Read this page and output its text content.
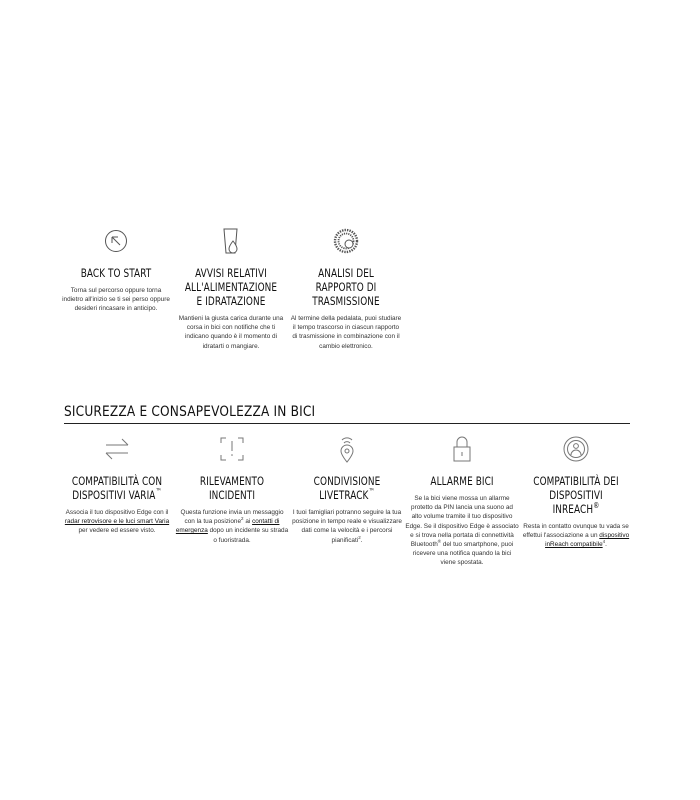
BACK TO START

Torna sul percorso oppure torna indietro all'inizio se ti sei perso oppure desideri rincasare in anticipo.

AVVISI RELATIVI ALL'ALIMENTAZIONE E IDRATAZIONE

Mantieni la giusta carica durante una corsa in bici con notifiche che ti indicano quando è il momento di idratarti o mangiare.

ANALISI DEL RAPPORTO DI TRASMISSIONE

Al termine della pedalata, puoi studiare il tempo trascorso in ciascun rapporto di trasmissione in combinazione con il cambio elettronico.

SICUREZZA E CONSAPEVOLEZZA IN BICI
COMPATIBILITÀ CON DISPOSITIVI VARIA™

Associa il tuo dispositivo Edge con il radar retrovisore e le luci smart Varia per vedere ed essere visto.

RILEVAMENTO INCIDENTI

Questa funzione invia un messaggio con la tua posizione$^2$ ai contatti di emergenza dopo un incidente su strada o fuoristrada.

CONDIVISIONE LIVETRACK™

I tuoi famigliari potranno seguire la tua posizione in tempo reale e visualizzare dati come la velocità e i percorsi pianificati$^2$.

ALLARME BICI

Se la bici viene mossa un allarme protetto da PIN lancia una suono ad alto volume tramite il tuo dispositivo Edge. Se il dispositivo Edge è associato e si trova nella portata di connettività Bluetooth® del tuo smartphone, puoi ricevere una notifica quando la bici viene spostata.

COMPATIBILITÀ DEI DISPOSITIVI INREACH®

Resta in contatto ovunque tu vada se effettui l'associazione a un dispositivo inReach compatibile$^4$.
